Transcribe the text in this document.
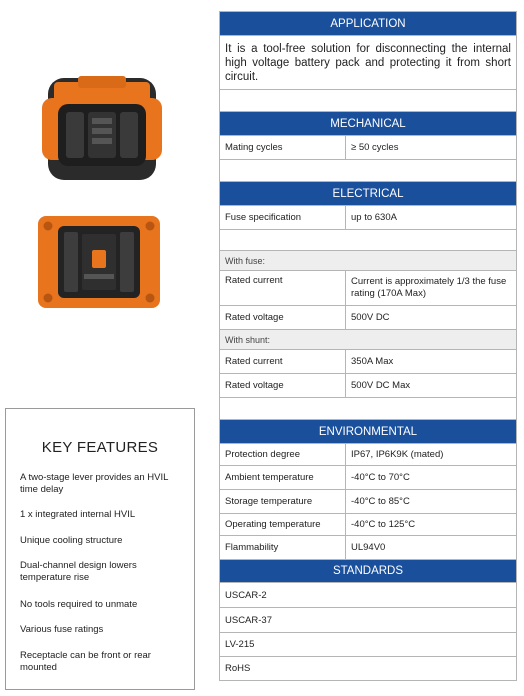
KEY FEATURES
A two-stage lever provides an HVIL time delay
1 x integrated internal HVIL
Unique cooling structure
Dual-channel design lowers temperature rise
No tools required to unmate
Various fuse ratings
Receptacle can be front or rear mounted
APPLICATION	
It is a tool-free solution for disconnecting the internal high voltage battery pack and protecting it from short circuit.	

MECHANICAL	
Mating cycles	≥ 50 cycles

ELECTRICAL	
Fuse specification	up to 630A

With fuse:	
Rated current	Current is approximately 1/3 the fuse rating (170A Max)
Rated voltage	500V DC
With shunt:	
Rated current	350A Max
Rated voltage	500V DC Max

ENVIRONMENTAL	
Protection degree	IP67, IP6K9K (mated)
Ambient temperature	-40°C to 70°C
Storage temperature	-40°C to 85°C
Operating temperature	-40°C to 125°C
Flammability	UL94V0
STANDARDS	
USCAR-2	
USCAR-37	
LV-215	
RoHS	
